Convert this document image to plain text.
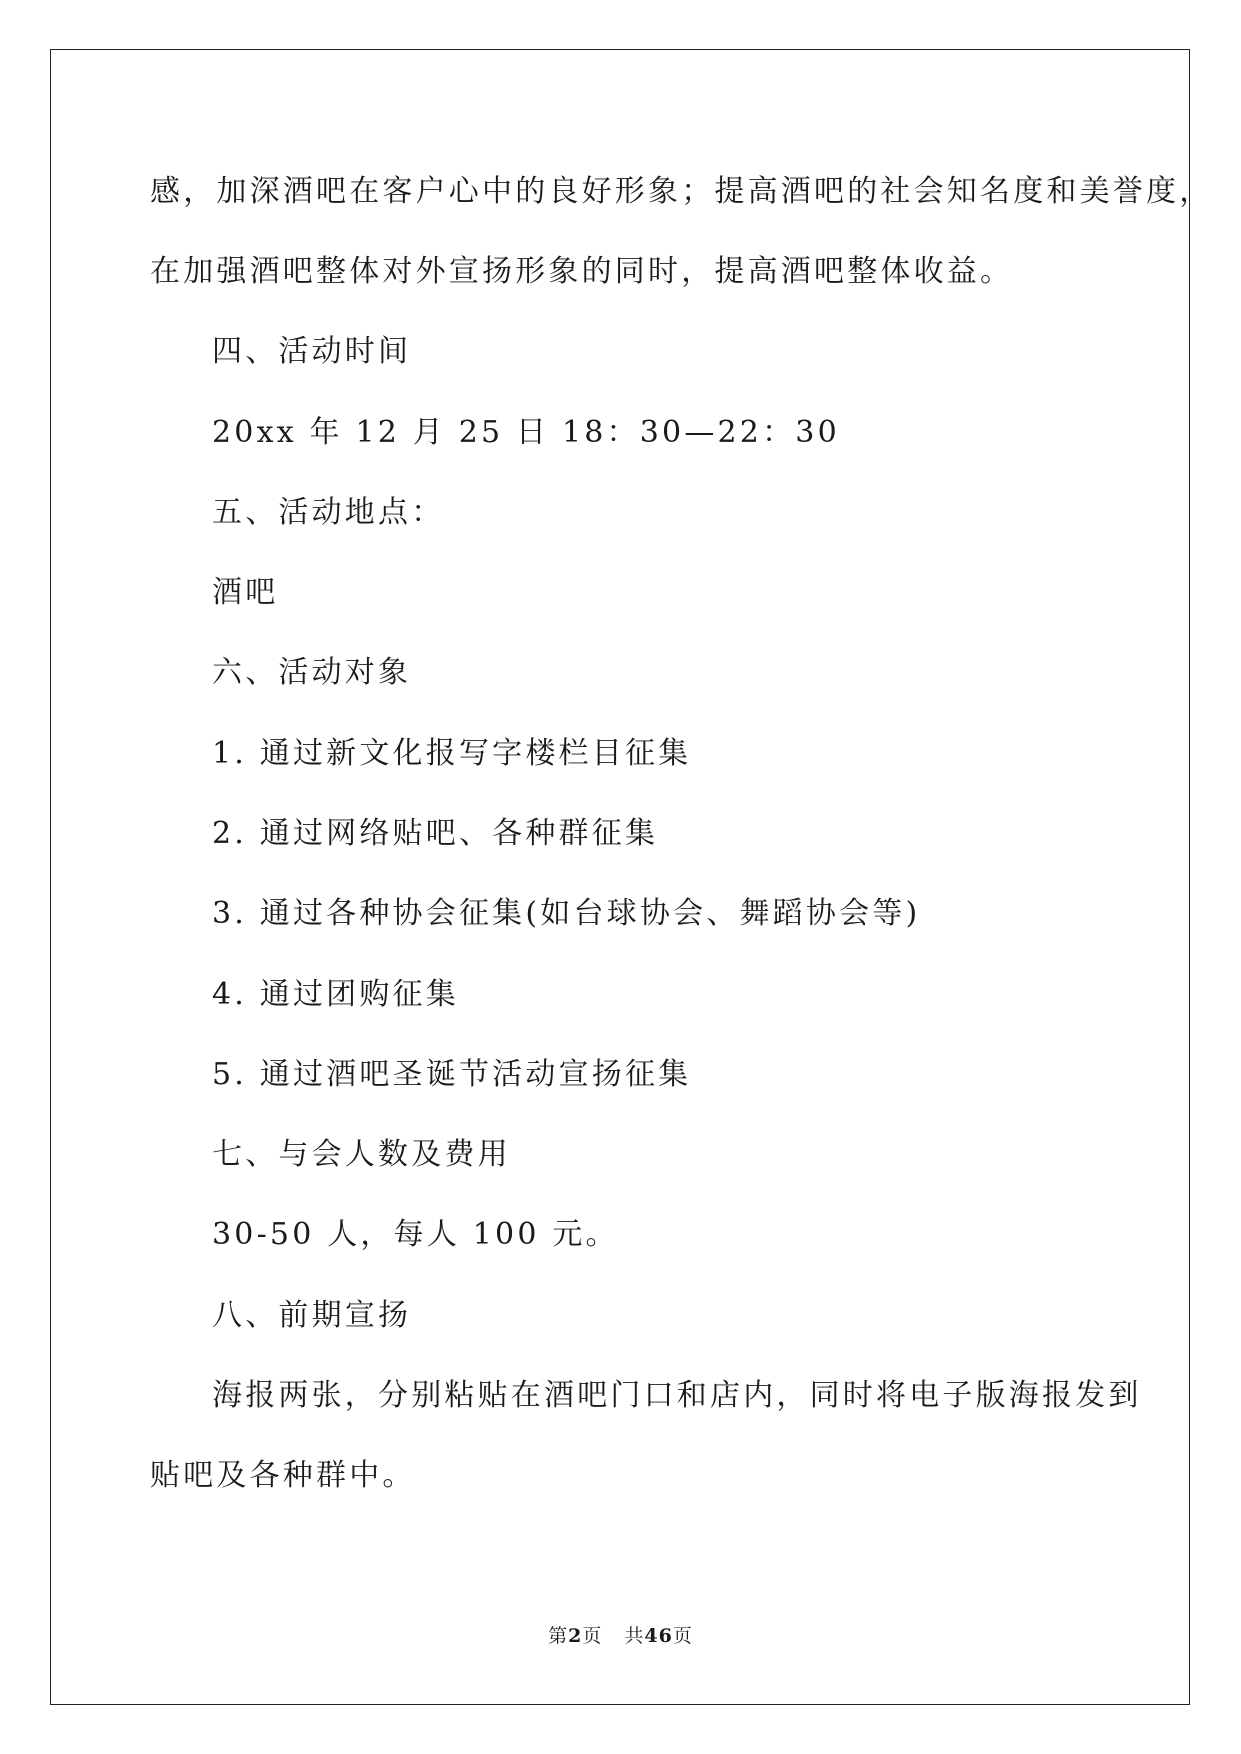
感，加深酒吧在客户心中的良好形象；提高酒吧的社会知名度和美誉度，
在加强酒吧整体对外宣扬形象的同时，提高酒吧整体收益。
四、活动时间
20xx 年 12 月 25 日 18：30—22：30
五、活动地点：
酒吧
六、活动对象
1. 通过新文化报写字楼栏目征集
2. 通过网络贴吧、各种群征集
3. 通过各种协会征集(如台球协会、舞蹈协会等)
4. 通过团购征集
5. 通过酒吧圣诞节活动宣扬征集
七、与会人数及费用
30-50 人，每人 100 元。
八、前期宣扬
海报两张，分别粘贴在酒吧门口和店内，同时将电子版海报发到
贴吧及各种群中。
第2页 共46页
